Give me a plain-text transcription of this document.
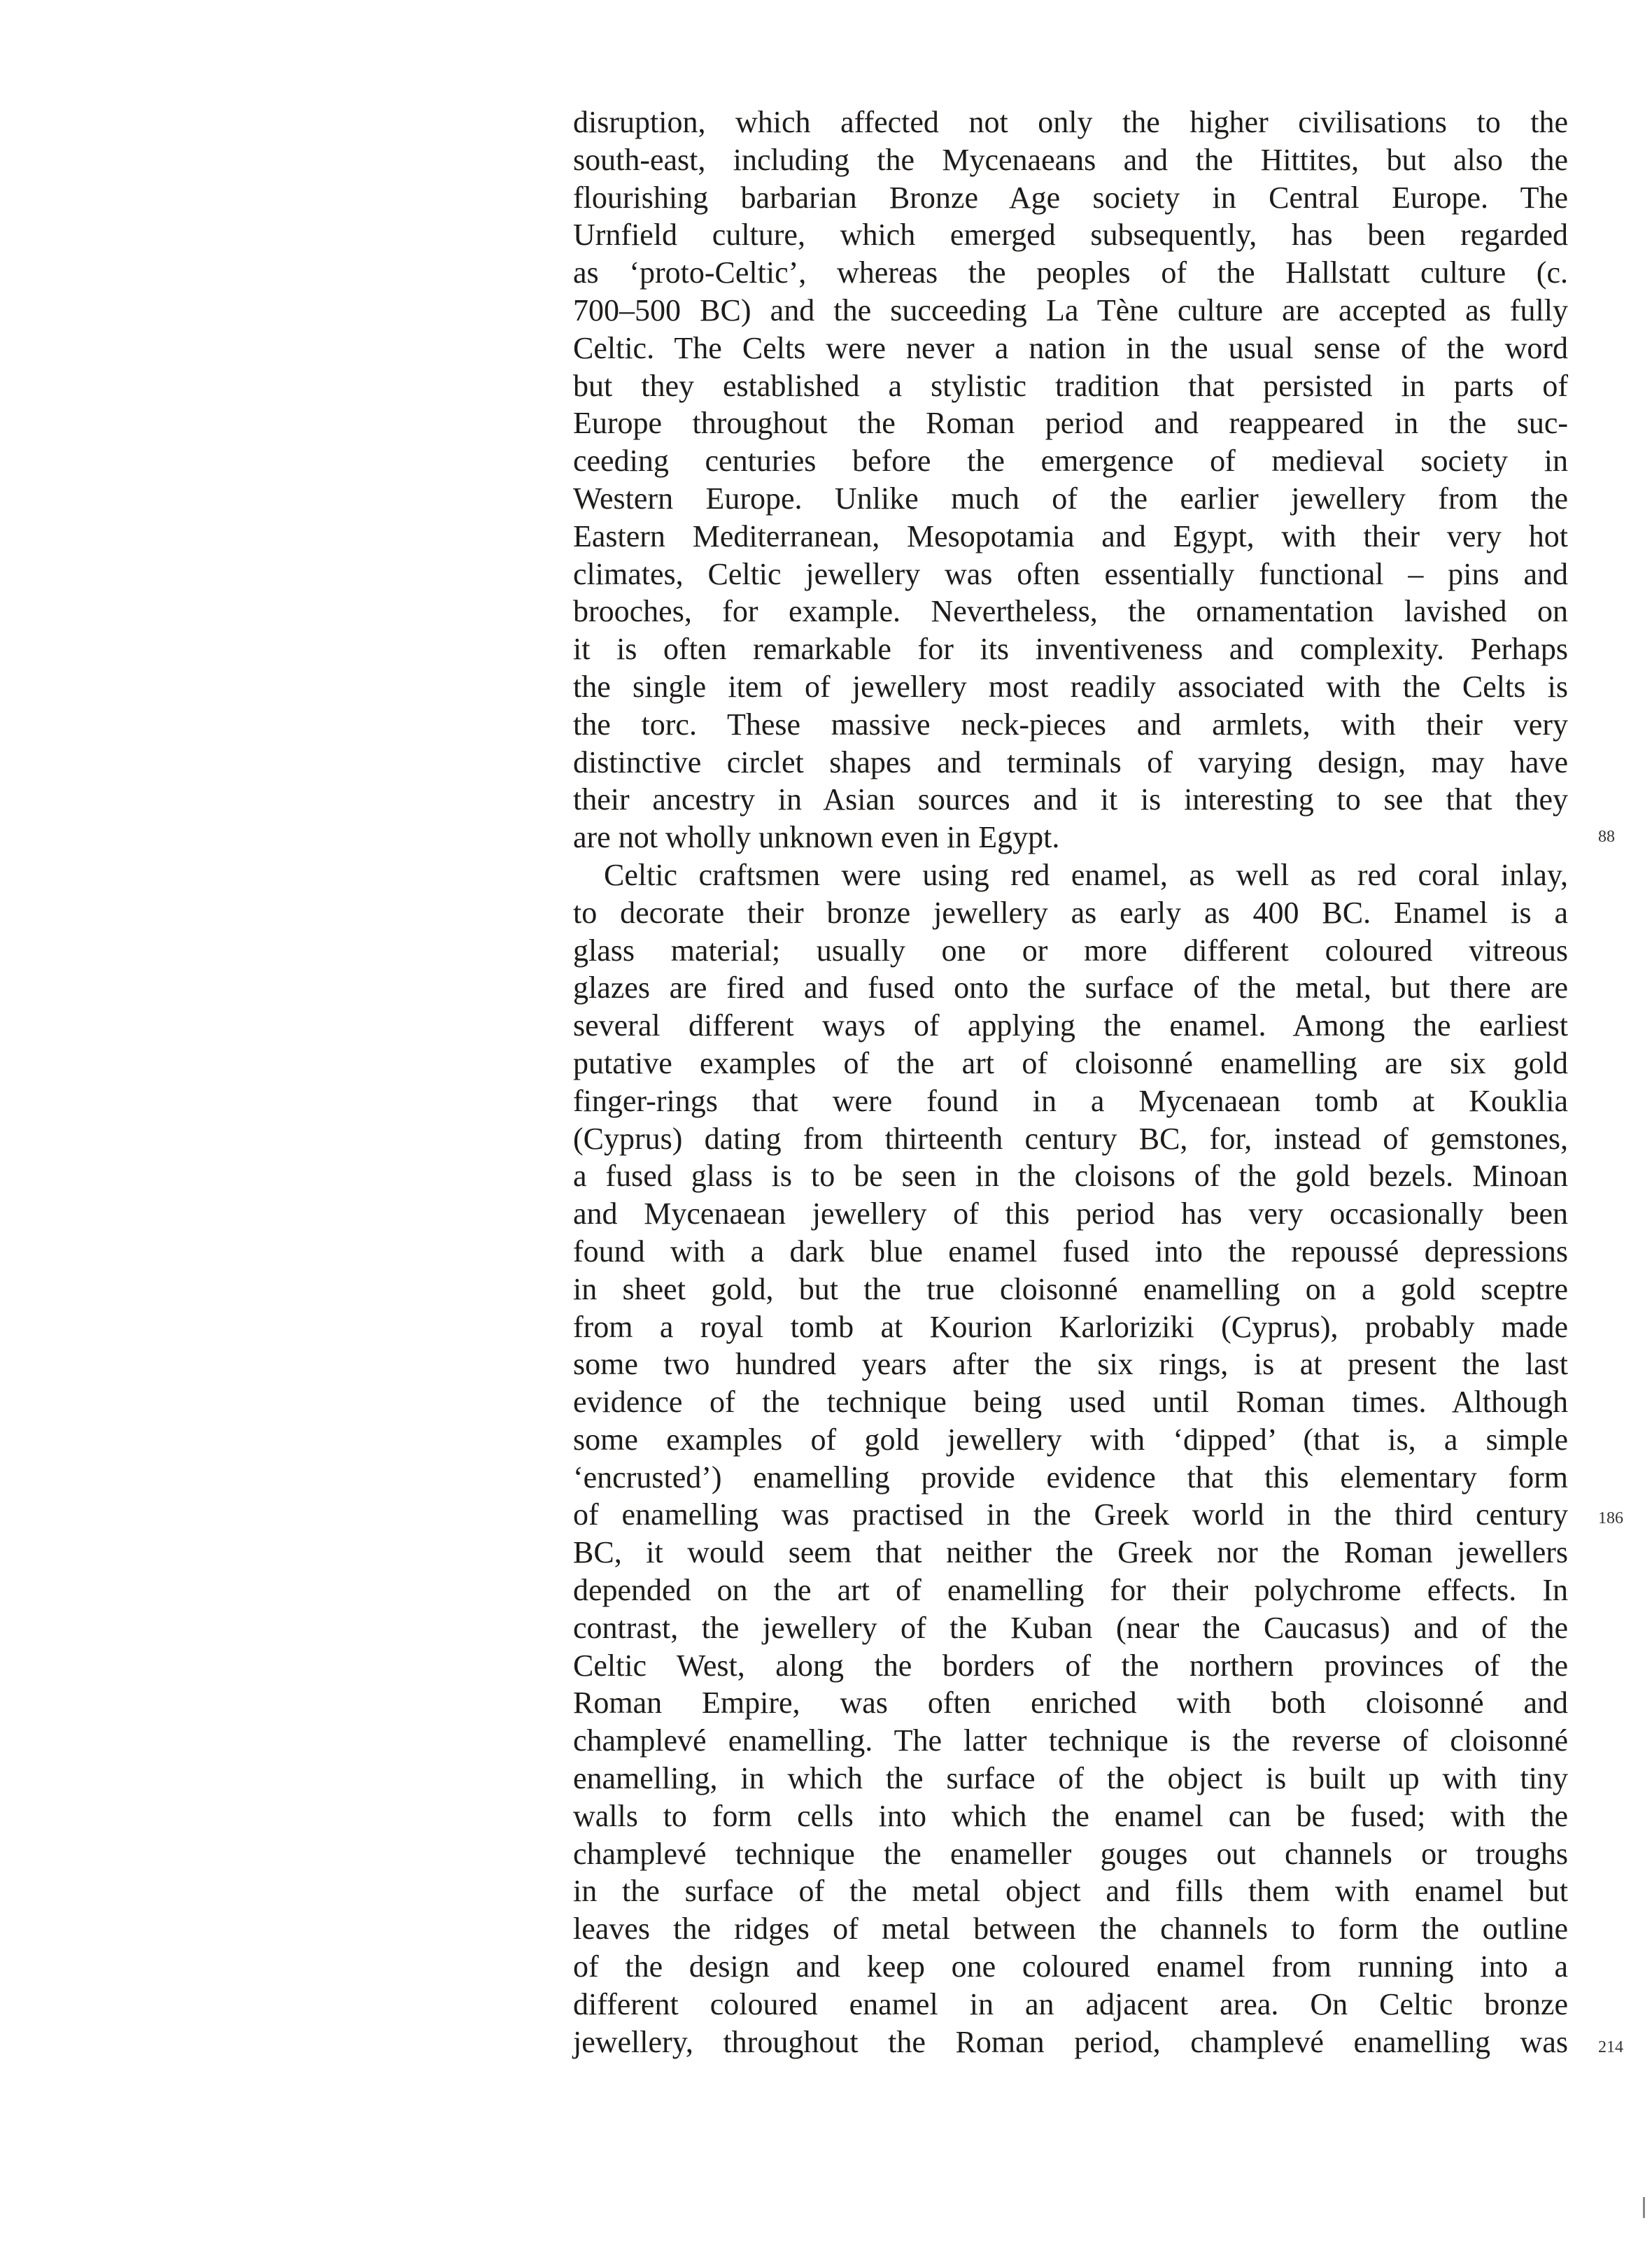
disruption, which affected not only the higher civilisations to the
south-east, including the Mycenaeans and the Hittites, but also the
flourishing barbarian Bronze Age society in Central Europe. The
Urnfield culture, which emerged subsequently, has been regarded
as ‘proto-Celtic’, whereas the peoples of the Hallstatt culture (c.
700–500 BC) and the succeeding La Tène culture are accepted as fully
Celtic. The Celts were never a nation in the usual sense of the word
but they established a stylistic tradition that persisted in parts of
Europe throughout the Roman period and reappeared in the suc-
ceeding centuries before the emergence of medieval society in
Western Europe. Unlike much of the earlier jewellery from the
Eastern Mediterranean, Mesopotamia and Egypt, with their very hot
climates, Celtic jewellery was often essentially functional – pins and
brooches, for example. Nevertheless, the ornamentation lavished on
it is often remarkable for its inventiveness and complexity. Perhaps
the single item of jewellery most readily associated with the Celts is
the torc. These massive neck-pieces and armlets, with their very
distinctive circlet shapes and terminals of varying design, may have
their ancestry in Asian sources and it is interesting to see that they
are not wholly unknown even in Egypt.
Celtic craftsmen were using red enamel, as well as red coral inlay,
to decorate their bronze jewellery as early as 400 BC. Enamel is a
glass material; usually one or more different coloured vitreous
glazes are fired and fused onto the surface of the metal, but there are
several different ways of applying the enamel. Among the earliest
putative examples of the art of cloisonné enamelling are six gold
finger-rings that were found in a Mycenaean tomb at Kouklia
(Cyprus) dating from thirteenth century BC, for, instead of gemstones,
a fused glass is to be seen in the cloisons of the gold bezels. Minoan
and Mycenaean jewellery of this period has very occasionally been
found with a dark blue enamel fused into the repoussé depressions
in sheet gold, but the true cloisonné enamelling on a gold sceptre
from a royal tomb at Kourion Karloriziki (Cyprus), probably made
some two hundred years after the six rings, is at present the last
evidence of the technique being used until Roman times. Although
some examples of gold jewellery with ‘dipped’ (that is, a simple
‘encrusted’) enamelling provide evidence that this elementary form
of enamelling was practised in the Greek world in the third century
BC, it would seem that neither the Greek nor the Roman jewellers
depended on the art of enamelling for their polychrome effects. In
contrast, the jewellery of the Kuban (near the Caucasus) and of the
Celtic West, along the borders of the northern provinces of the
Roman Empire, was often enriched with both cloisonné and
champlevé enamelling. The latter technique is the reverse of cloisonné
enamelling, in which the surface of the object is built up with tiny
walls to form cells into which the enamel can be fused; with the
champlevé technique the enameller gouges out channels or troughs
in the surface of the metal object and fills them with enamel but
leaves the ridges of metal between the channels to form the outline
of the design and keep one coloured enamel from running into a
different coloured enamel in an adjacent area. On Celtic bronze
jewellery, throughout the Roman period, champlevé enamelling was
88
186
214
